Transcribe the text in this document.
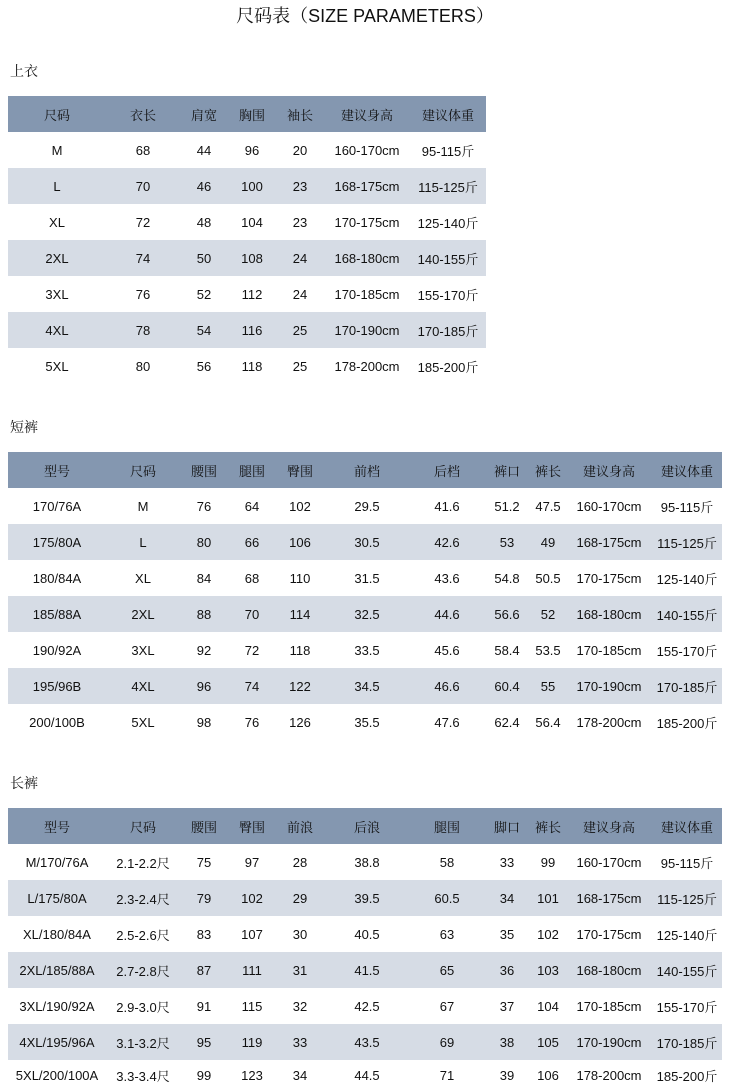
尺码表（SIZE PARAMETERS）
上衣
尺码	衣长	肩宽	胸围	袖长	建议身高	建议体重
M	68	44	96	20	160-170cm	95-115斤
L	70	46	100	23	168-175cm	115-125斤
XL	72	48	104	23	170-175cm	125-140斤
2XL	74	50	108	24	168-180cm	140-155斤
3XL	76	52	112	24	170-185cm	155-170斤
4XL	78	54	116	25	170-190cm	170-185斤
5XL	80	56	118	25	178-200cm	185-200斤
短裤
型号	尺码	腰围	腿围	臀围	前档	后档	裤口	裤长	建议身高	建议体重
170/76A	M	76	64	102	29.5	41.6	51.2	47.5	160-170cm	95-115斤
175/80A	L	80	66	106	30.5	42.6	53	49	168-175cm	115-125斤
180/84A	XL	84	68	110	31.5	43.6	54.8	50.5	170-175cm	125-140斤
185/88A	2XL	88	70	114	32.5	44.6	56.6	52	168-180cm	140-155斤
190/92A	3XL	92	72	118	33.5	45.6	58.4	53.5	170-185cm	155-170斤
195/96B	4XL	96	74	122	34.5	46.6	60.4	55	170-190cm	170-185斤
200/100B	5XL	98	76	126	35.5	47.6	62.4	56.4	178-200cm	185-200斤
长裤
型号	尺码	腰围	臀围	前浪	后浪	腿围	脚口	裤长	建议身高	建议体重
M/170/76A	2.1-2.2尺	75	97	28	38.8	58	33	99	160-170cm	95-115斤
L/175/80A	2.3-2.4尺	79	102	29	39.5	60.5	34	101	168-175cm	115-125斤
XL/180/84A	2.5-2.6尺	83	107	30	40.5	63	35	102	170-175cm	125-140斤
2XL/185/88A	2.7-2.8尺	87	111	31	41.5	65	36	103	168-180cm	140-155斤
3XL/190/92A	2.9-3.0尺	91	115	32	42.5	67	37	104	170-185cm	155-170斤
4XL/195/96A	3.1-3.2尺	95	119	33	43.5	69	38	105	170-190cm	170-185斤
5XL/200/100A	3.3-3.4尺	99	123	34	44.5	71	39	106	178-200cm	185-200斤
